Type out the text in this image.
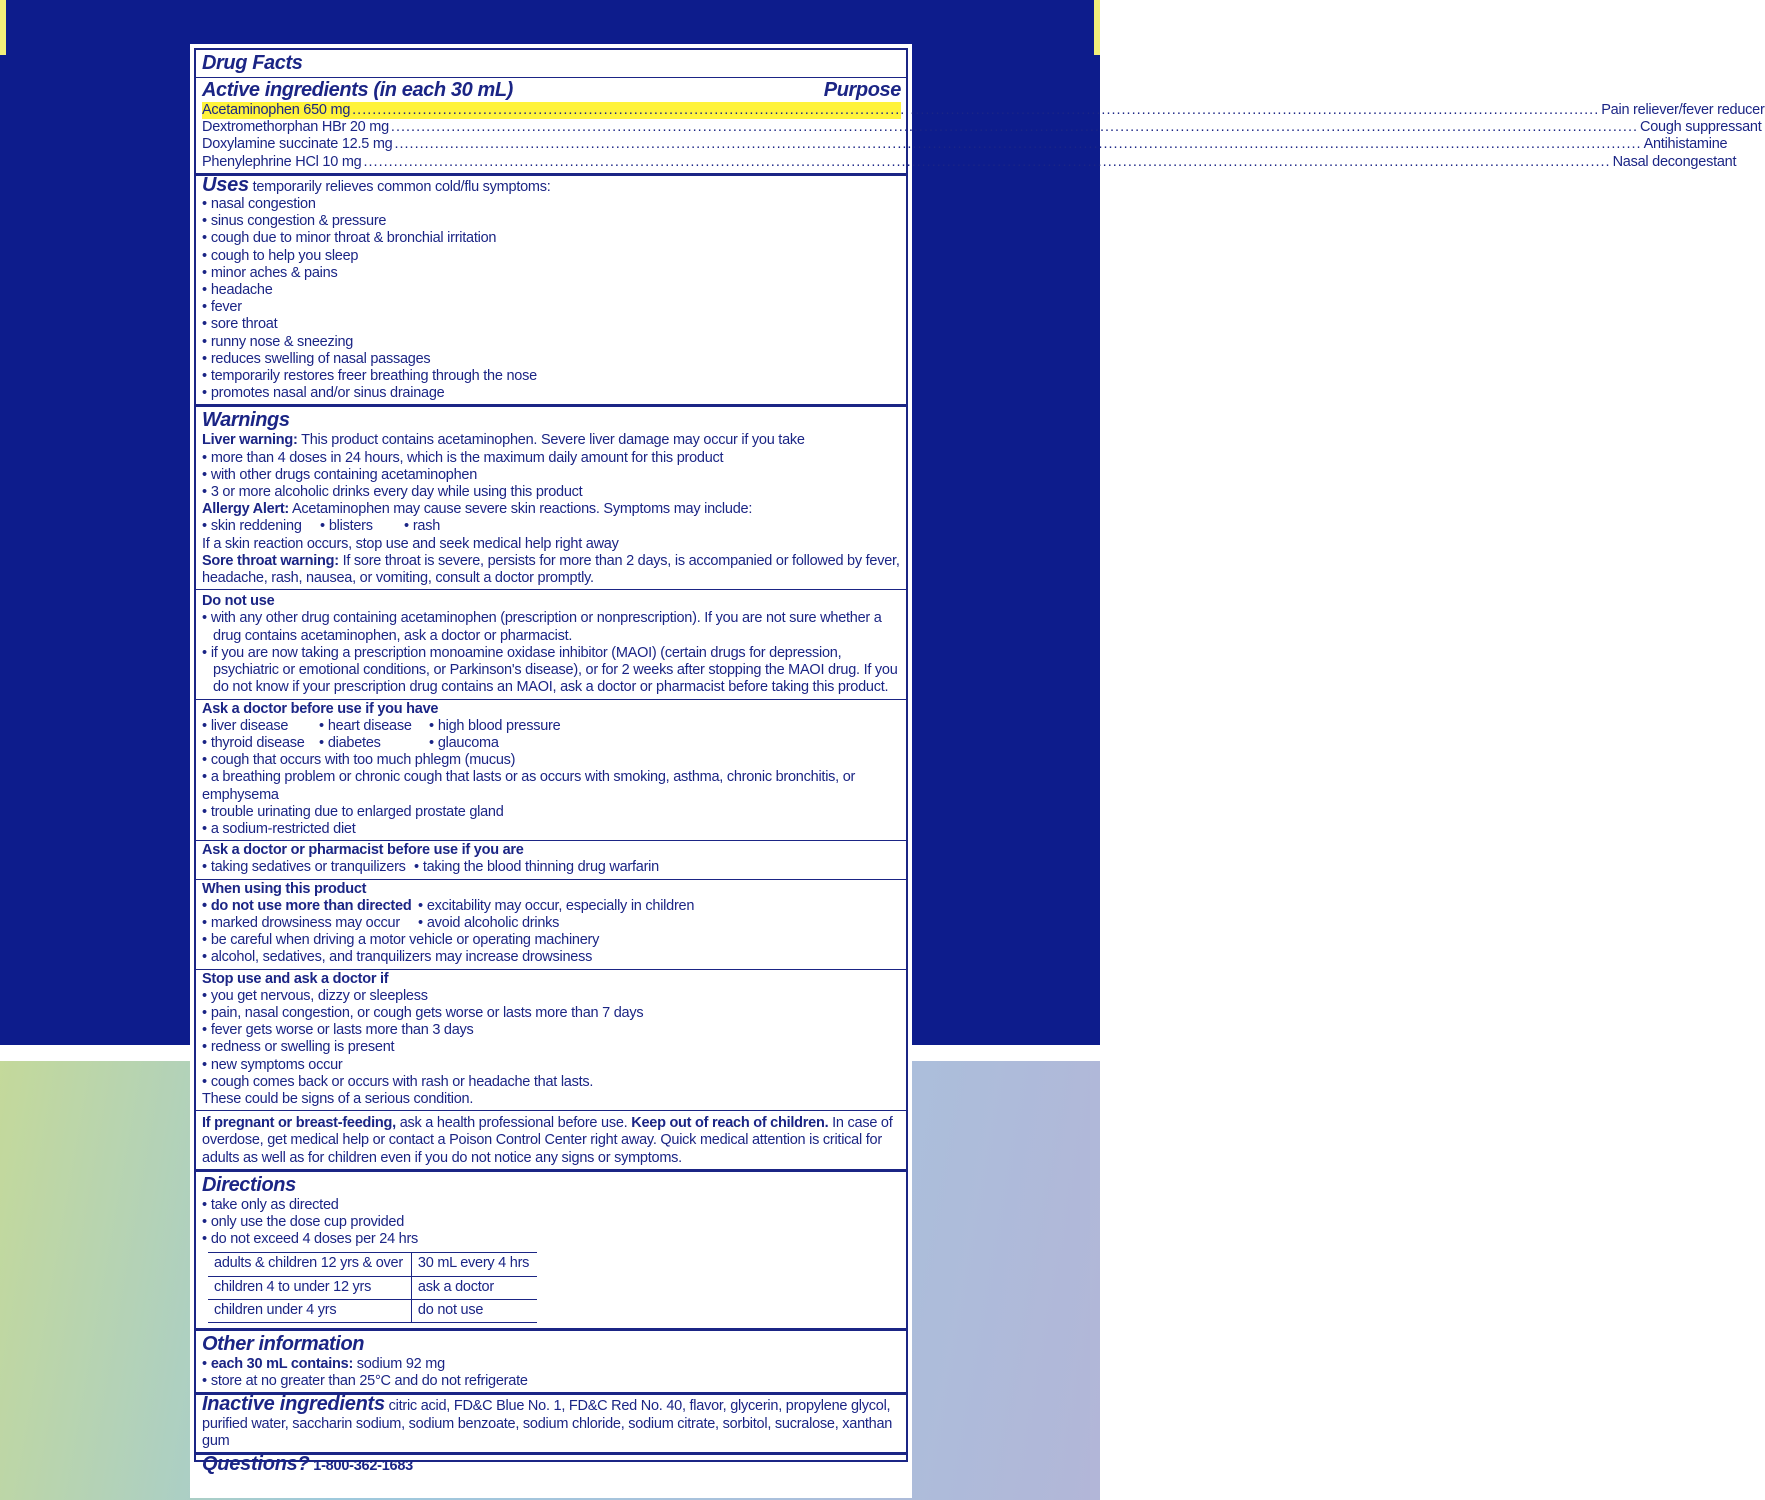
Drug Facts
Active ingredients (in each 30 mL)	Purpose
Acetaminophen 650 mg .....	Pain reliever/fever reducer
Dextromethorphan HBr 20 mg .....	Cough suppressant
Doxylamine succinate 12.5 mg .....	Antihistamine
Phenylephrine HCl 10 mg .....	Nasal decongestant
Uses temporarily relieves common cold/flu symptoms:
• nasal congestion
• sinus congestion & pressure
• cough due to minor throat & bronchial irritation
• cough to help you sleep
• minor aches & pains
• headache
• fever
• sore throat
• runny nose & sneezing
• reduces swelling of nasal passages
• temporarily restores freer breathing through the nose
• promotes nasal and/or sinus drainage
Warnings
Liver warning: This product contains acetaminophen. Severe liver damage may occur if you take
• more than 4 doses in 24 hours, which is the maximum daily amount for this product
• with other drugs containing acetaminophen
• 3 or more alcoholic drinks every day while using this product
Allergy Alert: Acetaminophen may cause severe skin reactions. Symptoms may include:
• skin reddening	• blisters	• rash
If a skin reaction occurs, stop use and seek medical help right away
Sore throat warning: If sore throat is severe, persists for more than 2 days, is accompanied or followed by fever, headache, rash, nausea, or vomiting, consult a doctor promptly.
Do not use
• with any other drug containing acetaminophen (prescription or nonprescription). If you are not sure whether a drug contains acetaminophen, ask a doctor or pharmacist.
• if you are now taking a prescription monoamine oxidase inhibitor (MAOI) (certain drugs for depression, psychiatric or emotional conditions, or Parkinson's disease), or for 2 weeks after stopping the MAOI drug. If you do not know if your prescription drug contains an MAOI, ask a doctor or pharmacist before taking this product.
Ask a doctor before use if you have
• liver disease	• heart disease	• high blood pressure
• thyroid disease	• diabetes	• glaucoma
• cough that occurs with too much phlegm (mucus)
• a breathing problem or chronic cough that lasts or as occurs with smoking, asthma, chronic bronchitis, or emphysema
• trouble urinating due to enlarged prostate gland
• a sodium-restricted diet
Ask a doctor or pharmacist before use if you are
• taking sedatives or tranquilizers	• taking the blood thinning drug warfarin
When using this product
• do not use more than directed	• excitability may occur, especially in children
• marked drowsiness may occur	• avoid alcoholic drinks
• be careful when driving a motor vehicle or operating machinery
• alcohol, sedatives, and tranquilizers may increase drowsiness
Stop use and ask a doctor if
• you get nervous, dizzy or sleepless
• pain, nasal congestion, or cough gets worse or lasts more than 7 days
• fever gets worse or lasts more than 3 days
• redness or swelling is present
• new symptoms occur
• cough comes back or occurs with rash or headache that lasts.
These could be signs of a serious condition.
If pregnant or breast-feeding, ask a health professional before use. Keep out of reach of children. In case of overdose, get medical help or contact a Poison Control Center right away. Quick medical attention is critical for adults as well as for children even if you do not notice any signs or symptoms.
Directions
• take only as directed
• only use the dose cup provided
• do not exceed 4 doses per 24 hrs
adults & children 12 yrs & over	30 mL every 4 hrs
children 4 to under 12 yrs	ask a doctor
children under 4 yrs	do not use
Other information
• each 30 mL contains: sodium 92 mg
• store at no greater than 25°C and do not refrigerate
Inactive ingredients citric acid, FD&C Blue No. 1, FD&C Red No. 40, flavor, glycerin, propylene glycol, purified water, saccharin sodium, sodium benzoate, sodium chloride, sodium citrate, sorbitol, sucralose, xanthan gum
Questions? 1-800-362-1683
